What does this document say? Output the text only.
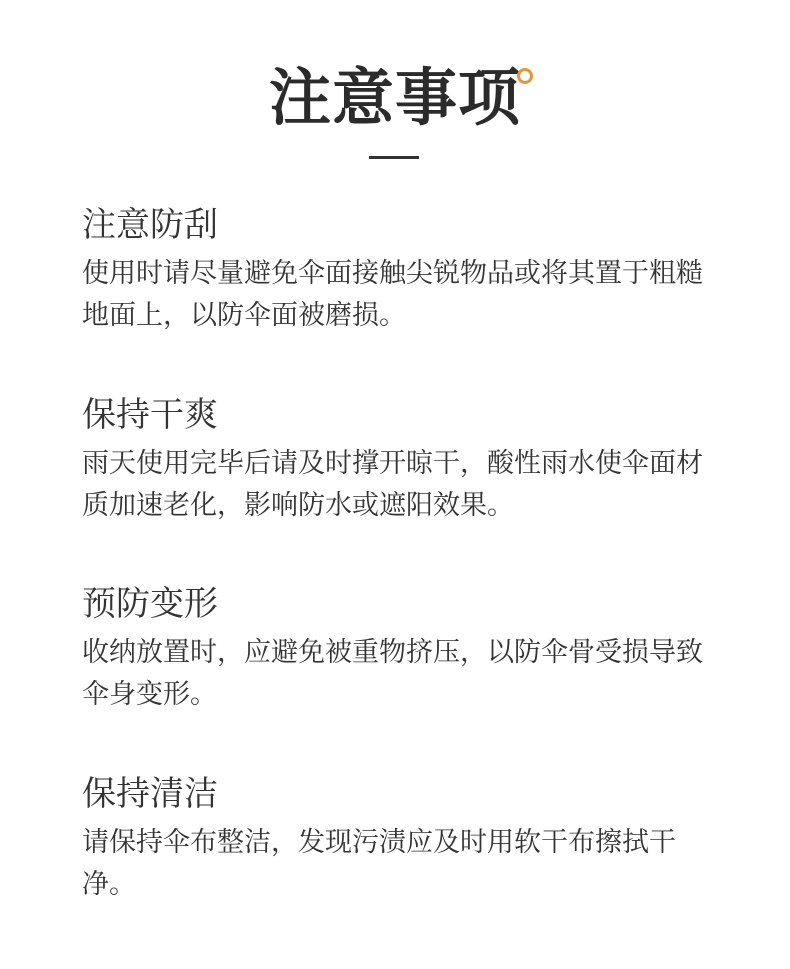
注意事项
注意防刮

使用时请尽量避免伞面接触尖锐物品或将其置于粗糙地面上，以防伞面被磨损。

保持干爽

雨天使用完毕后请及时撑开晾干，酸性雨水使伞面材质加速老化，影响防水或遮阳效果。

预防变形

收纳放置时，应避免被重物挤压，以防伞骨受损导致伞身变形。

保持清洁

请保持伞布整洁，发现污渍应及时用软干布擦拭干净。
